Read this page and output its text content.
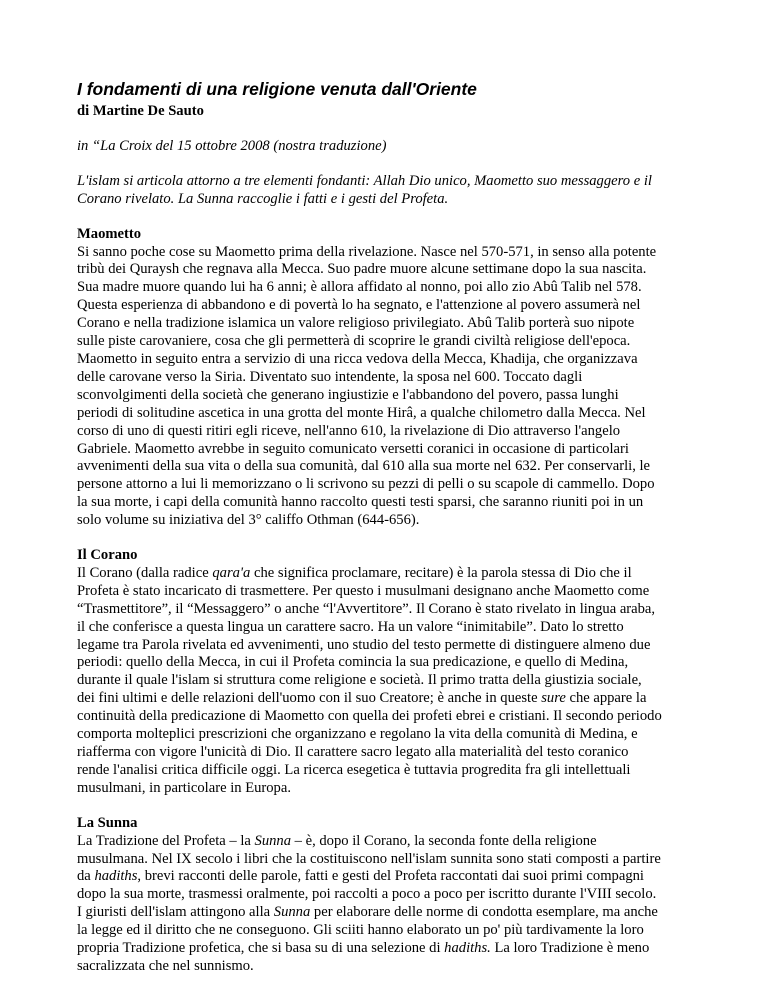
I fondamenti di una religione venuta dall'Oriente
di Martine De Sauto
in “La Croix del 15 ottobre 2008 (nostra traduzione)
L'islam si articola attorno a tre elementi fondanti: Allah Dio unico, Maometto suo messaggero e il
Corano rivelato. La Sunna raccoglie i fatti e i gesti del Profeta.
Maometto

Si sanno poche cose su Maometto prima della rivelazione. Nasce nel 570-571, in senso alla potente
tribù dei Quraysh che regnava alla Mecca. Suo padre muore alcune settimane dopo la sua nascita.
Sua madre muore quando lui ha 6 anni; è allora affidato al nonno, poi allo zio Abû Talib nel 578.
Questa esperienza di abbandono e di povertà lo ha segnato, e l'attenzione al povero assumerà nel
Corano e nella tradizione islamica un valore religioso privilegiato. Abû Talib porterà suo nipote
sulle piste carovaniere, cosa che gli permetterà di scoprire le grandi civiltà religiose dell'epoca.
Maometto in seguito entra a servizio di una ricca vedova della Mecca, Khadija, che organizzava
delle carovane verso la Siria. Diventato suo intendente, la sposa nel 600. Toccato dagli
sconvolgimenti della società che generano ingiustizie e l'abbandono del povero, passa lunghi
periodi di solitudine ascetica in una grotta del monte Hirâ, a qualche chilometro dalla Mecca. Nel
corso di uno di questi ritiri egli riceve, nell'anno 610, la rivelazione di Dio attraverso l'angelo
Gabriele. Maometto avrebbe in seguito comunicato versetti coranici in occasione di particolari
avvenimenti della sua vita o della sua comunità, dal 610 alla sua morte nel 632. Per conservarli, le
persone attorno a lui li memorizzano o li scrivono su pezzi di pelli o su scapole di cammello. Dopo
la sua morte, i capi della comunità hanno raccolto questi testi sparsi, che saranno riuniti poi in un
solo volume su iniziativa del 3° califfo Othman (644-656).

Il Corano

Il Corano (dalla radice qara'a che significa proclamare, recitare) è la parola stessa di Dio che il
Profeta è stato incaricato di trasmettere. Per questo i musulmani designano anche Maometto come
“Trasmettitore”, il “Messaggero” o anche “l'Avvertitore”. Il Corano è stato rivelato in lingua araba,
il che conferisce a questa lingua un carattere sacro. Ha un valore “inimitabile”. Dato lo stretto
legame tra Parola rivelata ed avvenimenti, uno studio del testo permette di distinguere almeno due
periodi: quello della Mecca, in cui il Profeta comincia la sua predicazione, e quello di Medina,
durante il quale l'islam si struttura come religione e società. Il primo tratta della giustizia sociale,
dei fini ultimi e delle relazioni dell'uomo con il suo Creatore; è anche in queste sure che appare la
continuità della predicazione di Maometto con quella dei profeti ebrei e cristiani. Il secondo periodo
comporta molteplici prescrizioni che organizzano e regolano la vita della comunità di Medina, e
riafferma con vigore l'unicità di Dio. Il carattere sacro legato alla materialità del testo coranico
rende l'analisi critica difficile oggi. La ricerca esegetica è tuttavia progredita fra gli intellettuali
musulmani, in particolare in Europa.

La Sunna

La Tradizione del Profeta – la Sunna – è, dopo il Corano, la seconda fonte della religione
musulmana. Nel IX secolo i libri che la costituiscono nell'islam sunnita sono stati composti a partire
da hadiths, brevi racconti delle parole, fatti e gesti del Profeta raccontati dai suoi primi compagni
dopo la sua morte, trasmessi oralmente, poi raccolti a poco a poco per iscritto durante l'VIII secolo.
I giuristi dell'islam attingono alla Sunna per elaborare delle norme di condotta esemplare, ma anche
la legge ed il diritto che ne conseguono. Gli sciiti hanno elaborato un po' più tardivamente la loro
propria Tradizione profetica, che si basa su di una selezione di hadiths. La loro Tradizione è meno
sacralizzata che nel sunnismo.
